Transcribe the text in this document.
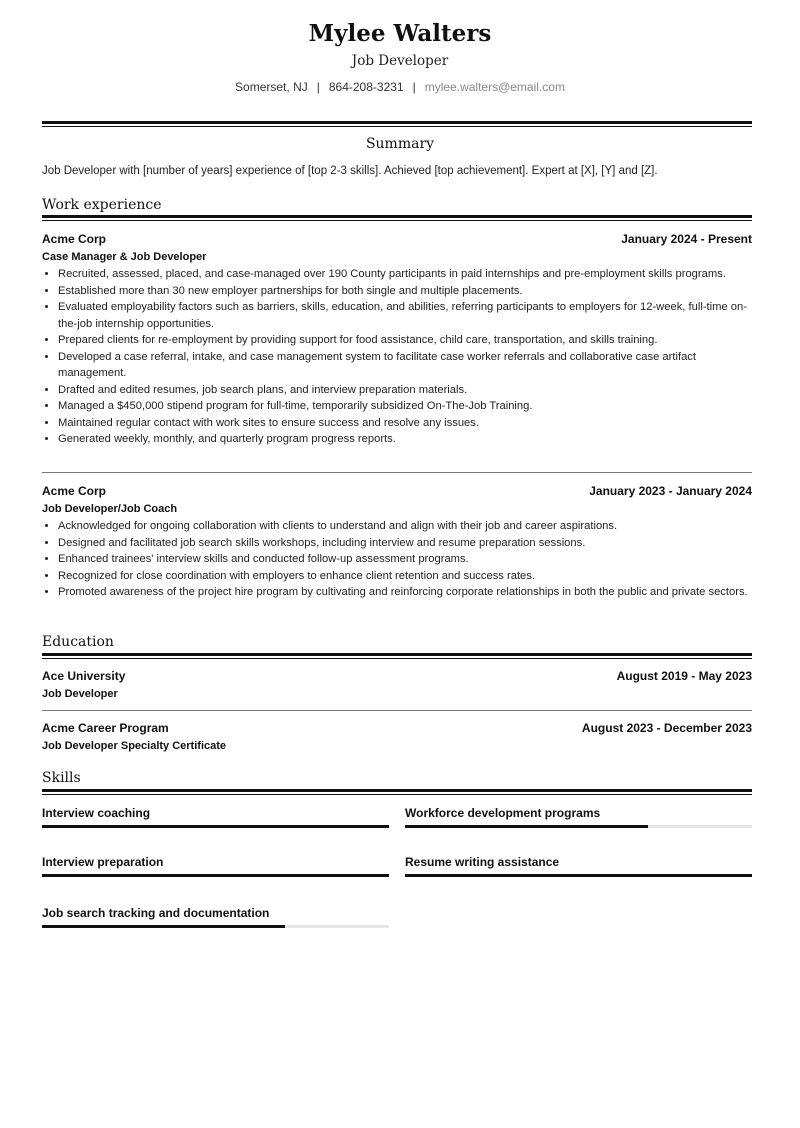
Mylee Walters
Job Developer
Somerset, NJ | 864-208-3231 | mylee.walters@email.com
Summary
Job Developer with [number of years] experience of [top 2-3 skills]. Achieved [top achievement]. Expert at [X], [Y] and [Z].
Work experience
Acme Corp	January 2024 - Present
Case Manager & Job Developer
• Recruited, assessed, placed, and case-managed over 190 County participants in paid internships and pre-employment skills programs.
• Established more than 30 new employer partnerships for both single and multiple placements.
• Evaluated employability factors such as barriers, skills, education, and abilities, referring participants to employers for 12-week, full-time on-the-job internship opportunities.
• Prepared clients for re-employment by providing support for food assistance, child care, transportation, and skills training.
• Developed a case referral, intake, and case management system to facilitate case worker referrals and collaborative case artifact management.
• Drafted and edited resumes, job search plans, and interview preparation materials.
• Managed a $450,000 stipend program for full-time, temporarily subsidized On-The-Job Training.
• Maintained regular contact with work sites to ensure success and resolve any issues.
• Generated weekly, monthly, and quarterly program progress reports.
Acme Corp	January 2023 - January 2024
Job Developer/Job Coach
• Acknowledged for ongoing collaboration with clients to understand and align with their job and career aspirations.
• Designed and facilitated job search skills workshops, including interview and resume preparation sessions.
• Enhanced trainees' interview skills and conducted follow-up assessment programs.
• Recognized for close coordination with employers to enhance client retention and success rates.
• Promoted awareness of the project hire program by cultivating and reinforcing corporate relationships in both the public and private sectors.
Education
Ace University	August 2019 - May 2023
Job Developer
Acme Career Program	August 2023 - December 2023
Job Developer Specialty Certificate
Skills
Interview coaching	Workforce development programs
Interview preparation	Resume writing assistance
Job search tracking and documentation
